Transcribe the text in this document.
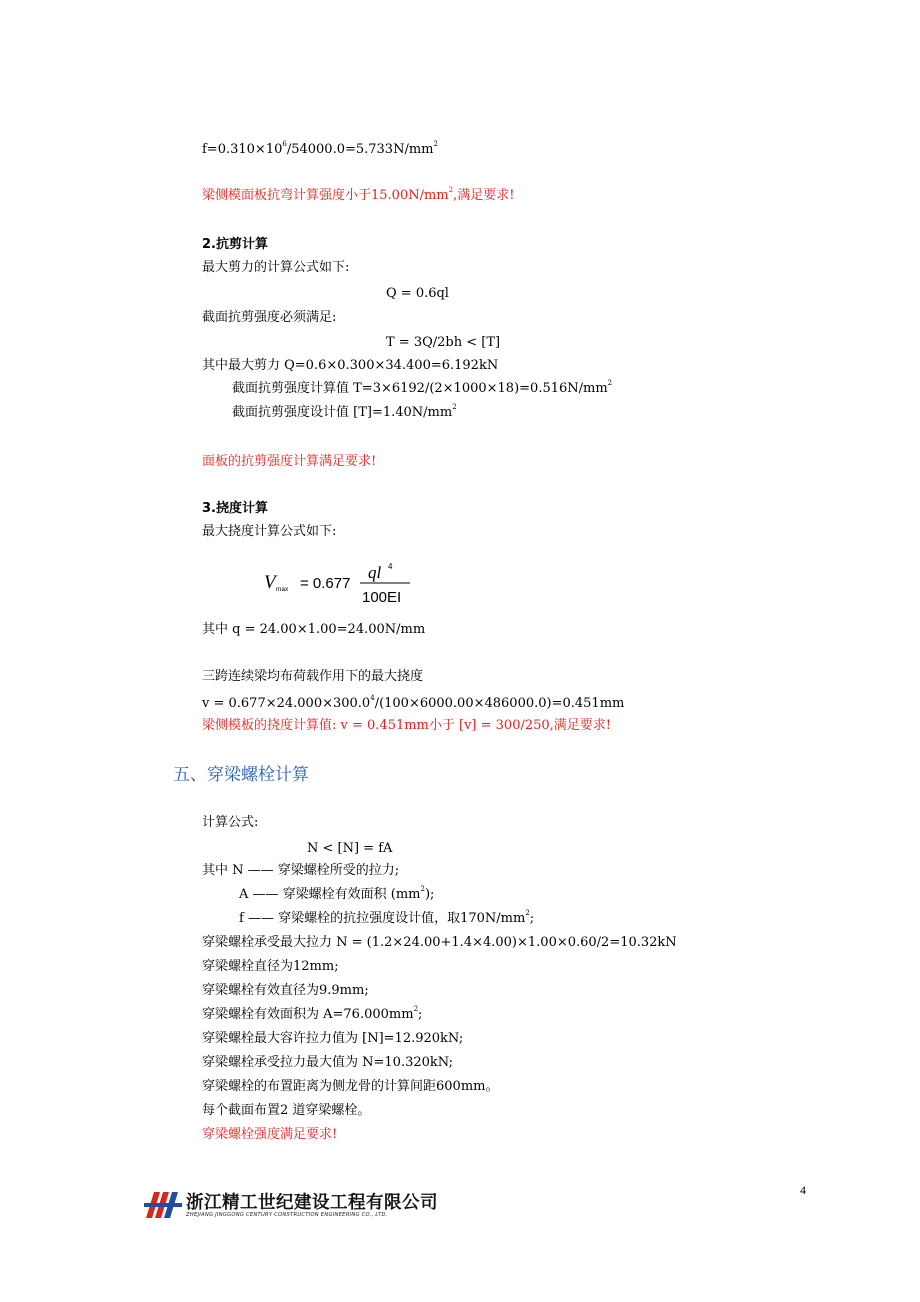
$f=0.310\times 10^6/54000.0=5.733N/mm^2$
梁侧模面板抗弯计算强度小于$15.00N/mm^2$,满足要求!
2.抗剪计算
最大剪力的计算公式如下:
Q = 0.6ql
截面抗剪强度必须满足:
T = 3Q/2bh < [T]
其中最大剪力 Q=0.6×0.300×34.400=6.192kN
截面抗剪强度计算值 $T=3\times 6192/(2\times 1000\times 18)=0.516N/mm^2$
截面抗剪强度设计值 $[T]=1.40N/mm^2$
面板的抗剪强度计算满足要求!
3.挠度计算
最大挠度计算公式如下:
V max = 0.677
ql 4
100EI
其中 q = 24.00×1.00=24.00N/mm
三跨连续梁均布荷载作用下的最大挠度
$v = 0.677\times 24.000\times 300.0^4/(100\times 6000.00\times 486000.0)=0.451mm$
梁侧模板的挠度计算值: v = 0.451mm小于 [v] = 300/250,满足要求!
五、穿梁螺栓计算
计算公式:
N < [N] = fA
其中 N —— 穿梁螺栓所受的拉力;
A —— 穿梁螺栓有效面积 $(mm^2)$;
f —— 穿梁螺栓的抗拉强度设计值，取$170N/mm^2$;
穿梁螺栓承受最大拉力 N = (1.2×24.00+1.4×4.00)×1.00×0.60/2=10.32kN
穿梁螺栓直径为12mm;
穿梁螺栓有效直径为9.9mm;
穿梁螺栓有效面积为 $A=76.000mm^2$;
穿梁螺栓最大容许拉力值为 [N]=12.920kN;
穿梁螺栓承受拉力最大值为 N=10.320kN;
穿梁螺栓的布置距离为侧龙骨的计算间距600mm。
每个截面布置2 道穿梁螺栓。
穿梁螺栓强度满足要求!
浙江精工世纪建设工程有限公司
ZHEJIANG JINGGONG CENTURY CONSTRUCTION ENGINEERING CO., LTD.
4
